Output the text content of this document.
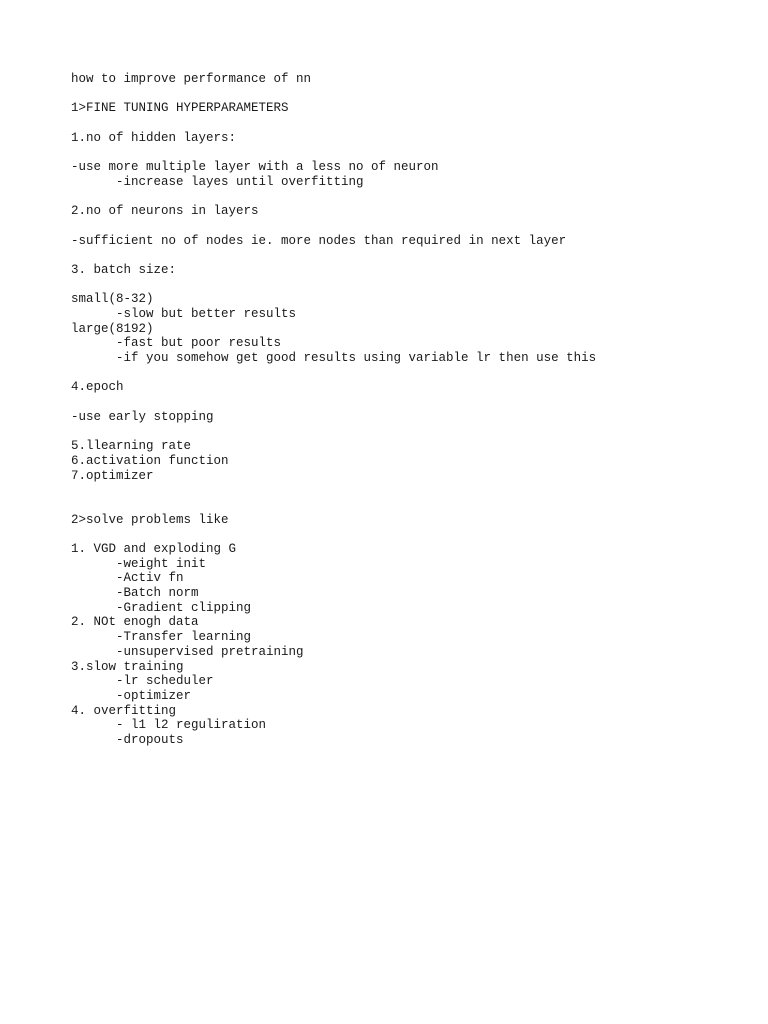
how to improve performance of nn
1>FINE TUNING HYPERPARAMETERS
1.no of hidden layers:
-use more multiple layer with a less no of neuron
-increase layes until overfitting
2.no of neurons in layers
-sufficient no of nodes ie. more nodes than required in next layer
3. batch size:
small(8-32)
-slow but better results
large(8192)
-fast but poor results
-if you somehow get good results using variable lr then use this
4.epoch
-use early stopping
5.llearning rate
6.activation function
7.optimizer
2>solve problems like
1. VGD and exploding G
-weight init
-Activ fn
-Batch norm
-Gradient clipping
2. NOt enogh data
-Transfer learning
-unsupervised pretraining
3.slow training
-lr scheduler
-optimizer
4. overfitting
- l1 l2 reguliration
-dropouts
